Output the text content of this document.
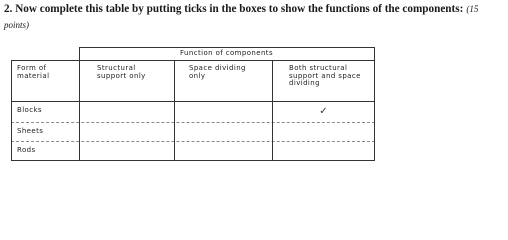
2. Now complete this table by putting ticks in the boxes to show the functions of the components: (15
points)
Function of components
Form of material
Structural support only
Space dividing only
Both structural support and space dividing
Blocks
Sheets
Rods
✓
